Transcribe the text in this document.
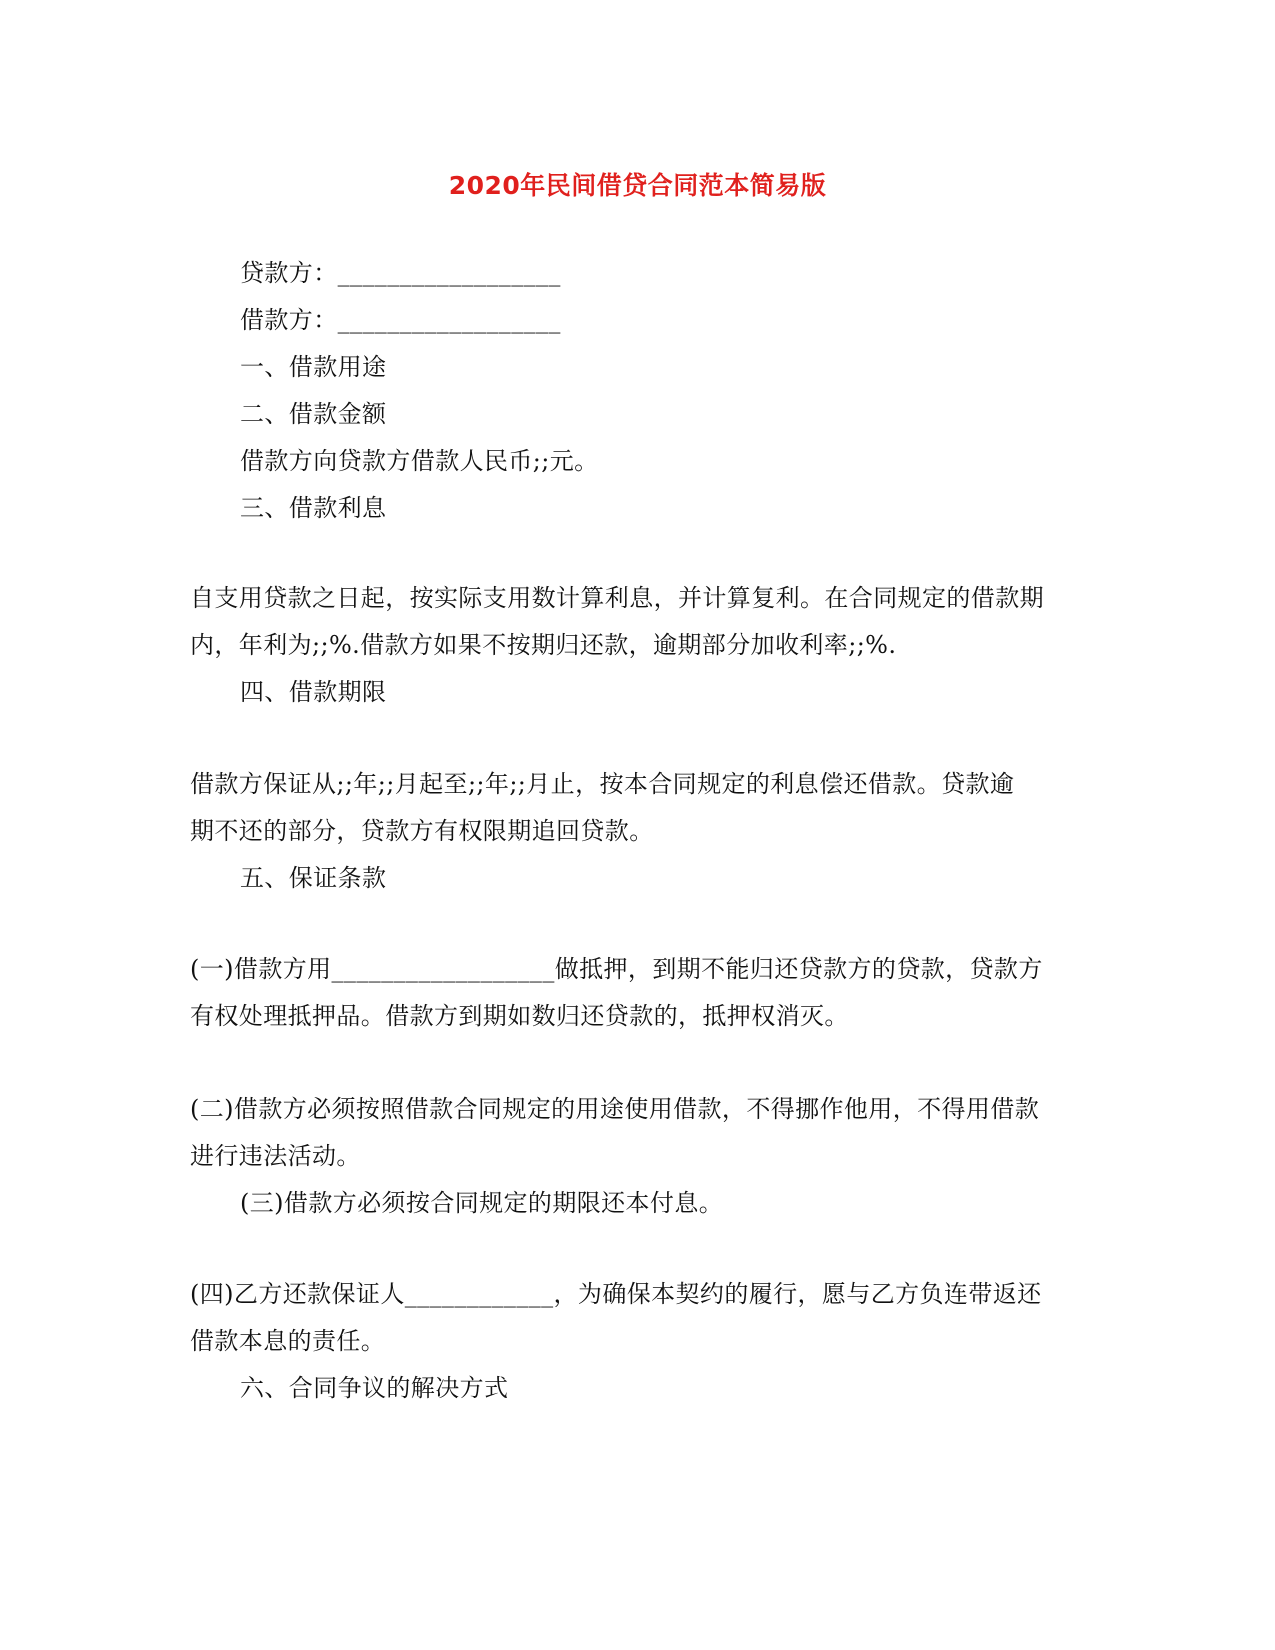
2020年民间借贷合同范本简易版
贷款方：__________________
借款方：__________________
一、借款用途
二、借款金额
借款方向贷款方借款人民币;;元。
三、借款利息
自支用贷款之日起，按实际支用数计算利息，并计算复利。在合同规定的借款期
内，年利为;;%.借款方如果不按期归还款，逾期部分加收利率;;%.
四、借款期限
借款方保证从;;年;;月起至;;年;;月止，按本合同规定的利息偿还借款。贷款逾
期不还的部分，贷款方有权限期追回贷款。
五、保证条款
(一)借款方用__________________做抵押，到期不能归还贷款方的贷款，贷款方
有权处理抵押品。借款方到期如数归还贷款的，抵押权消灭。
(二)借款方必须按照借款合同规定的用途使用借款，不得挪作他用，不得用借款
进行违法活动。
(三)借款方必须按合同规定的期限还本付息。
(四)乙方还款保证人____________，为确保本契约的履行，愿与乙方负连带返还
借款本息的责任。
六、合同争议的解决方式
